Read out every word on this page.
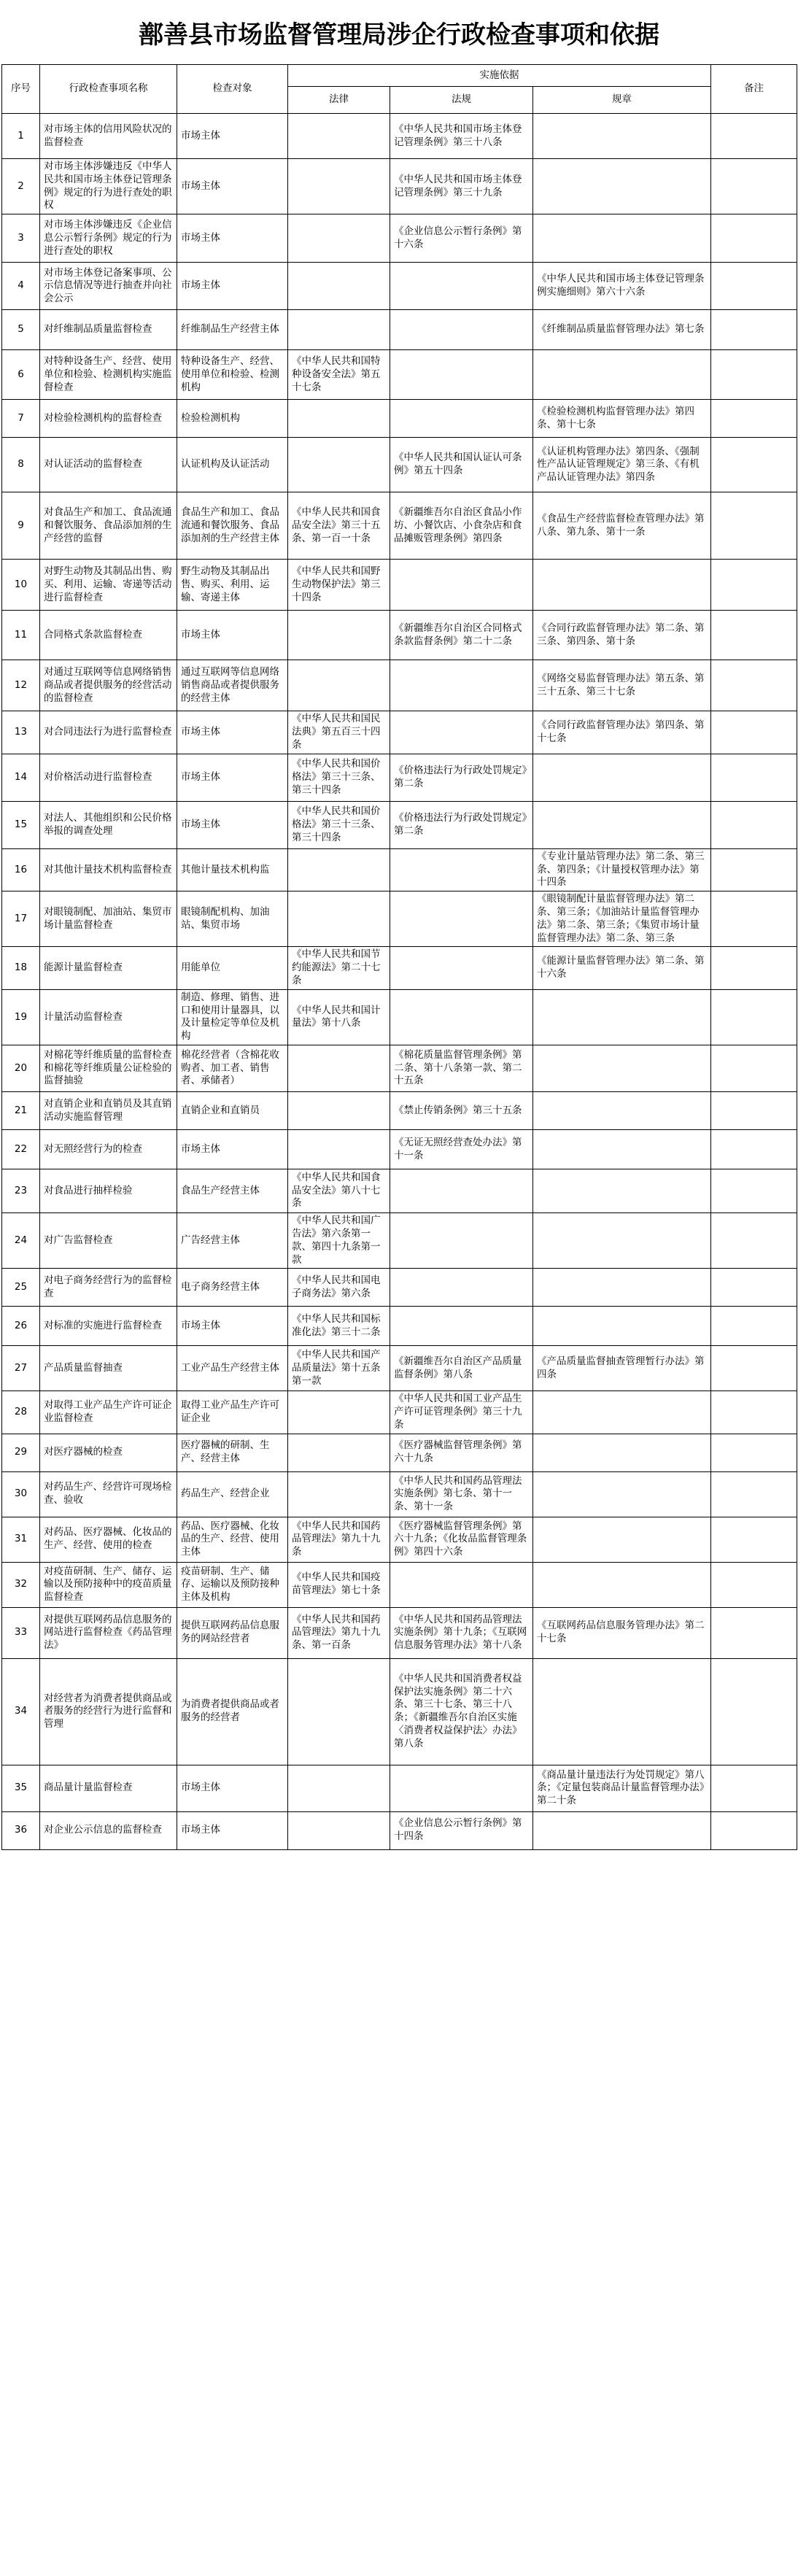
鄯善县市场监督管理局涉企行政检查事项和依据
序号	行政检查事项名称	检查对象	实施依据			备注
			法律	法规	规章	
1	对市场主体的信用风险状况的监督检查	市场主体		《中华人民共和国市场主体登记管理条例》第三十八条		
2	对市场主体涉嫌违反《中华人民共和国市场主体登记管理条例》规定的行为进行查处的职权	市场主体		《中华人民共和国市场主体登记管理条例》第三十九条		
3	对市场主体涉嫌违反《企业信息公示暂行条例》规定的行为进行查处的职权	市场主体		《企业信息公示暂行条例》第十六条		
4	对市场主体登记备案事项、公示信息情况等进行抽查并向社会公示	市场主体			《中华人民共和国市场主体登记管理条例实施细则》第六十六条	
5	对纤维制品质量监督检查	纤维制品生产经营主体			《纤维制品质量监督管理办法》第七条	
6	对特种设备生产、经营、使用单位和检验、检测机构实施监督检查	特种设备生产、经营、使用单位和检验、检测机构	《中华人民共和国特种设备安全法》第五十七条			
7	对检验检测机构的监督检查	检验检测机构			《检验检测机构监督管理办法》第四条、第十七条	
8	对认证活动的监督检查	认证机构及认证活动		《中华人民共和国认证认可条例》第五十四条	《认证机构管理办法》第四条、《强制性产品认证管理规定》第三条、《有机产品认证管理办法》第四条	
9	对食品生产和加工、食品流通和餐饮服务、食品添加剂的生产经营的监督	食品生产和加工、食品流通和餐饮服务、食品添加剂的生产经营主体	《中华人民共和国食品安全法》第三十五条、第一百一十条	《新疆维吾尔自治区食品小作坊、小餐饮店、小食杂店和食品摊贩管理条例》第四条	《食品生产经营监督检查管理办法》第八条、第九条、第十一条	
10	对野生动物及其制品出售、购买、利用、运输、寄递等活动进行监督检查	野生动物及其制品出售、购买、利用、运输、寄递主体	《中华人民共和国野生动物保护法》第三十四条			
11	合同格式条款监督检查	市场主体		《新疆维吾尔自治区合同格式条款监督条例》第二十二条	《合同行政监督管理办法》第二条、第三条、第四条、第十条	
12	对通过互联网等信息网络销售商品或者提供服务的经营活动的监督检查	通过互联网等信息网络销售商品或者提供服务的经营主体			《网络交易监督管理办法》第五条、第三十五条、第三十七条	
13	对合同违法行为进行监督检查	市场主体	《中华人民共和国民法典》第五百三十四条		《合同行政监督管理办法》第四条、第十七条	
14	对价格活动进行监督检查	市场主体	《中华人民共和国价格法》第三十三条、第三十四条	《价格违法行为行政处罚规定》第二条		
15	对法人、其他组织和公民价格举报的调查处理	市场主体	《中华人民共和国价格法》第三十三条、第三十四条	《价格违法行为行政处罚规定》第二条		
16	对其他计量技术机构监督检查	其他计量技术机构监			《专业计量站管理办法》第二条、第三条、第四条；《计量授权管理办法》第十四条	
17	对眼镜制配、加油站、集贸市场计量监督检查	眼镜制配机构、加油站、集贸市场			《眼镜制配计量监督管理办法》第二条、第三条；《加油站计量监督管理办法》第二条、第三条；《集贸市场计量监督管理办法》第二条、第三条	
18	能源计量监督检查	用能单位	《中华人民共和国节约能源法》第二十七条		《能源计量监督管理办法》第二条、第十六条	
19	计量活动监督检查	制造、修理、销售、进口和使用计量器具，以及计量检定等单位及机构	《中华人民共和国计量法》第十八条			
20	对棉花等纤维质量的监督检查和棉花等纤维质量公证检验的监督抽验	棉花经营者（含棉花收购者、加工者、销售者、承储者）		《棉花质量监督管理条例》第二条、第十八条第一款、第二十五条		
21	对直销企业和直销员及其直销活动实施监督管理	直销企业和直销员		《禁止传销条例》第三十五条		
22	对无照经营行为的检查	市场主体		《无证无照经营查处办法》第十一条		
23	对食品进行抽样检验	食品生产经营主体	《中华人民共和国食品安全法》第八十七条			
24	对广告监督检查	广告经营主体	《中华人民共和国广告法》第六条第一款、第四十九条第一款			
25	对电子商务经营行为的监督检查	电子商务经营主体	《中华人民共和国电子商务法》第六条			
26	对标准的实施进行监督检查	市场主体	《中华人民共和国标准化法》第三十二条			
27	产品质量监督抽查	工业产品生产经营主体	《中华人民共和国产品质量法》第十五条第一款	《新疆维吾尔自治区产品质量监督条例》第八条	《产品质量监督抽查管理暂行办法》第四条	
28	对取得工业产品生产许可证企业监督检查	取得工业产品生产许可证企业		《中华人民共和国工业产品生产许可证管理条例》第三十九条		
29	对医疗器械的检查	医疗器械的研制、生产、经营主体		《医疗器械监督管理条例》第六十九条		
30	对药品生产、经营许可现场检查、验收	药品生产、经营企业		《中华人民共和国药品管理法实施条例》第七条、第十一条、第十一条		
31	对药品、医疗器械、化妆品的生产、经营、使用的检查	药品、医疗器械、化妆品的生产、经营、使用主体	《中华人民共和国药品管理法》第九十九条	《医疗器械监督管理条例》第六十九条；《化妆品监督管理条例》第四十六条		
32	对疫苗研制、生产、储存、运输以及预防接种中的疫苗质量监督检查	疫苗研制、生产、储存、运输以及预防接种主体及机构	《中华人民共和国疫苗管理法》第七十条			
33	对提供互联网药品信息服务的网站进行监督检查《药品管理法》	提供互联网药品信息服务的网站经营者	《中华人民共和国药品管理法》第九十九条、第一百条	《中华人民共和国药品管理法实施条例》第十九条；《互联网信息服务管理办法》第十八条	《互联网药品信息服务管理办法》第二十七条	
34	对经营者为消费者提供商品或者服务的经营行为进行监督和管理	为消费者提供商品或者服务的经营者		《中华人民共和国消费者权益保护法实施条例》第二十六条、第三十七条、第三十八条；《新疆维吾尔自治区实施〈消费者权益保护法〉办法》第八条		
35	商品量计量监督检查	市场主体			《商品量计量违法行为处罚规定》第八条；《定量包装商品计量监督管理办法》第二十条	
36	对企业公示信息的监督检查	市场主体		《企业信息公示暂行条例》第十四条		
